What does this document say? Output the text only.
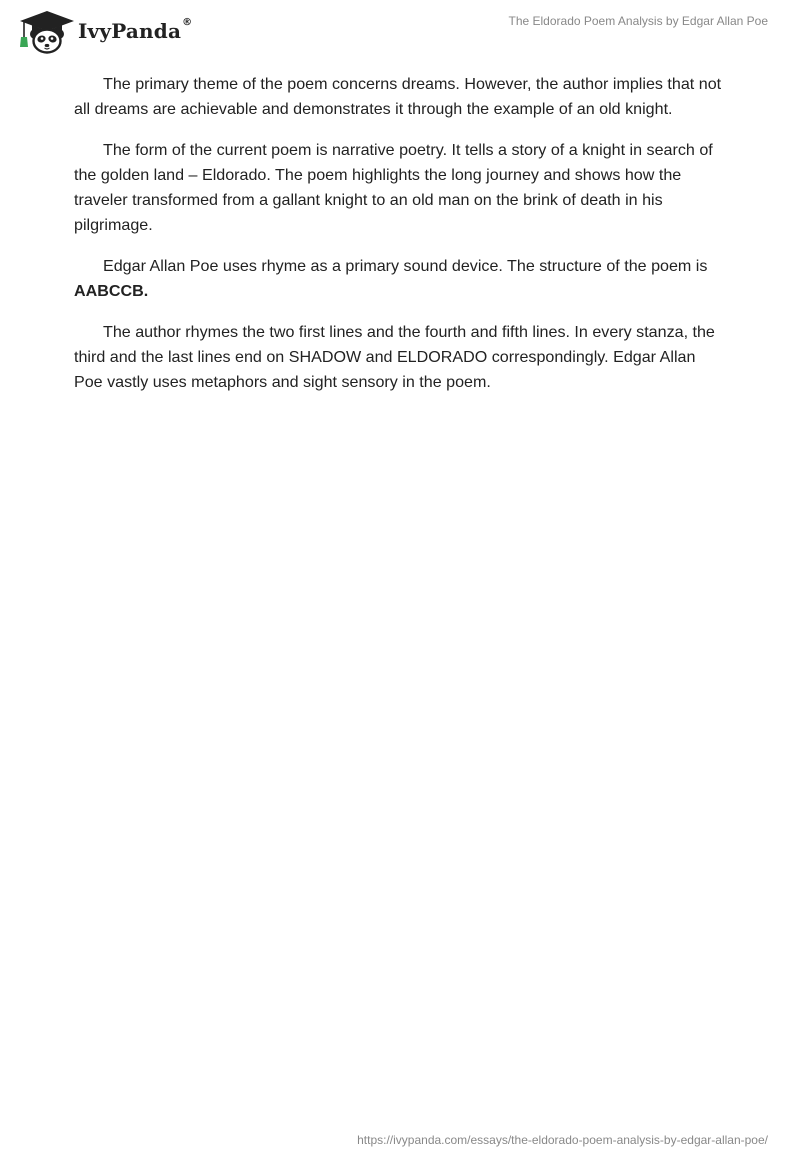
IvyPanda ®	The Eldorado Poem Analysis by Edgar Allan Poe

The primary theme of the poem concerns dreams. However, the author implies that not all dreams are achievable and demonstrates it through the example of an old knight.

The form of the current poem is narrative poetry. It tells a story of a knight in search of the golden land – Eldorado. The poem highlights the long journey and shows how the traveler transformed from a gallant knight to an old man on the brink of death in his pilgrimage.

Edgar Allan Poe uses rhyme as a primary sound device. The structure of the poem is AABCCB.

The author rhymes the two first lines and the fourth and fifth lines. In every stanza, the third and the last lines end on SHADOW and ELDORADO correspondingly. Edgar Allan Poe vastly uses metaphors and sight sensory in the poem.

https://ivypanda.com/essays/the-eldorado-poem-analysis-by-edgar-allan-poe/
